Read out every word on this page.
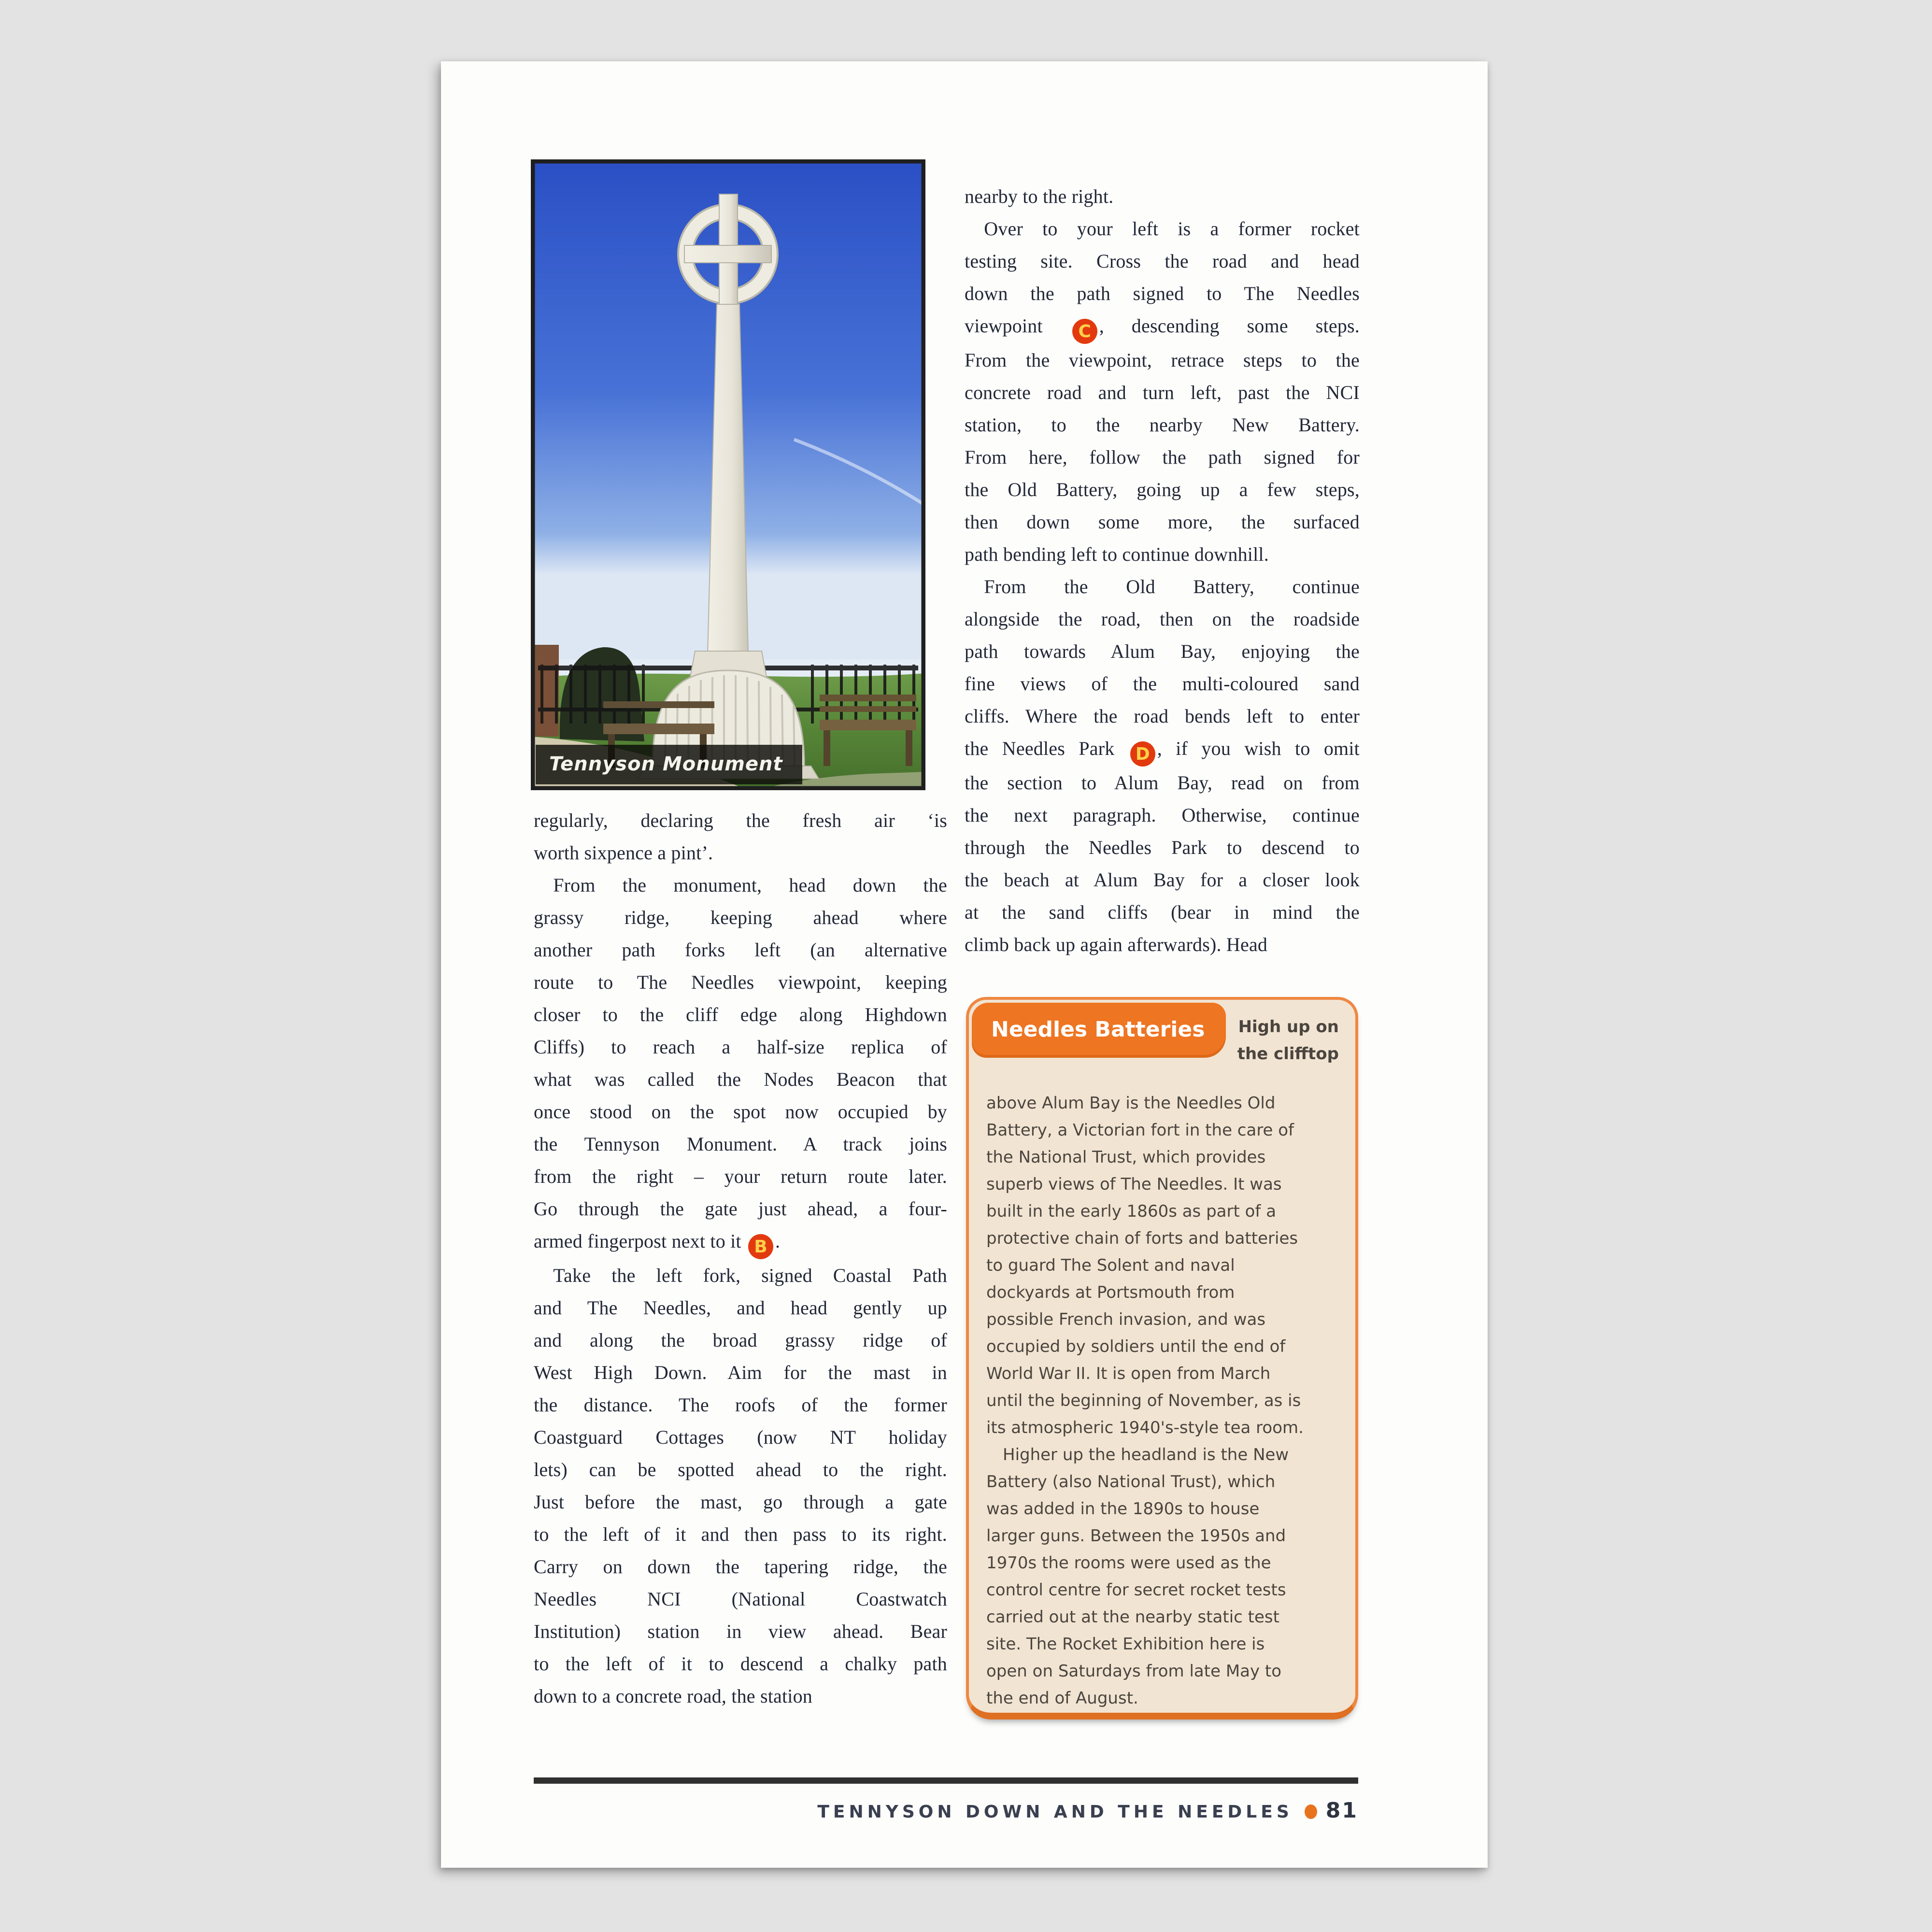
Tennyson Monument
regularly, declaring the fresh air ‘is
worth sixpence a pint’.
 From the monument, head down the
grassy ridge, keeping ahead where
another path forks left (an alternative
route to The Needles viewpoint, keeping
closer to the cliff edge along Highdown
Cliffs) to reach a half-size replica of
what was called the Nodes Beacon that
once stood on the spot now occupied by
the Tennyson Monument. A track joins
from the right – your return route later.
Go through the gate just ahead, a four-
armed fingerpost next to it B .
 Take the left fork, signed Coastal Path
and The Needles, and head gently up
and along the broad grassy ridge of
West High Down. Aim for the mast in
the distance. The roofs of the former
Coastguard Cottages (now NT holiday
lets) can be spotted ahead to the right.
Just before the mast, go through a gate
to the left of it and then pass to its right.
Carry on down the tapering ridge, the
Needles NCI (National Coastwatch
Institution) station in view ahead. Bear
to the left of it to descend a chalky path
down to a concrete road, the station
nearby to the right.
 Over to your left is a former rocket
testing site. Cross the road and head
down the path signed to The Needles
viewpoint C , descending some steps.
From the viewpoint, retrace steps to the
concrete road and turn left, past the NCI
station, to the nearby New Battery.
From here, follow the path signed for
the Old Battery, going up a few steps,
then down some more, the surfaced
path bending left to continue downhill.
 From the Old Battery, continue
alongside the road, then on the roadside
path towards Alum Bay, enjoying the
fine views of the multi-coloured sand
cliffs. Where the road bends left to enter
the Needles Park D , if you wish to omit
the section to Alum Bay, read on from
the next paragraph. Otherwise, continue
through the Needles Park to descend to
the beach at Alum Bay for a closer look
at the sand cliffs (bear in mind the
climb back up again afterwards). Head
Needles Batteries	High up on
the clifftop
above Alum Bay is the Needles Old
Battery, a Victorian fort in the care of
the National Trust, which provides
superb views of The Needles. It was
built in the early 1860s as part of a
protective chain of forts and batteries
to guard The Solent and naval
dockyards at Portsmouth from
possible French invasion, and was
occupied by soldiers until the end of
World War II. It is open from March
until the beginning of November, as is
its atmospheric 1940's-style tea room.
 Higher up the headland is the New
Battery (also National Trust), which
was added in the 1890s to house
larger guns. Between the 1950s and
1970s the rooms were used as the
control centre for secret rocket tests
carried out at the nearby static test
site. The Rocket Exhibition here is
open on Saturdays from late May to
the end of August.
TENNYSON DOWN AND THE NEEDLES 81
